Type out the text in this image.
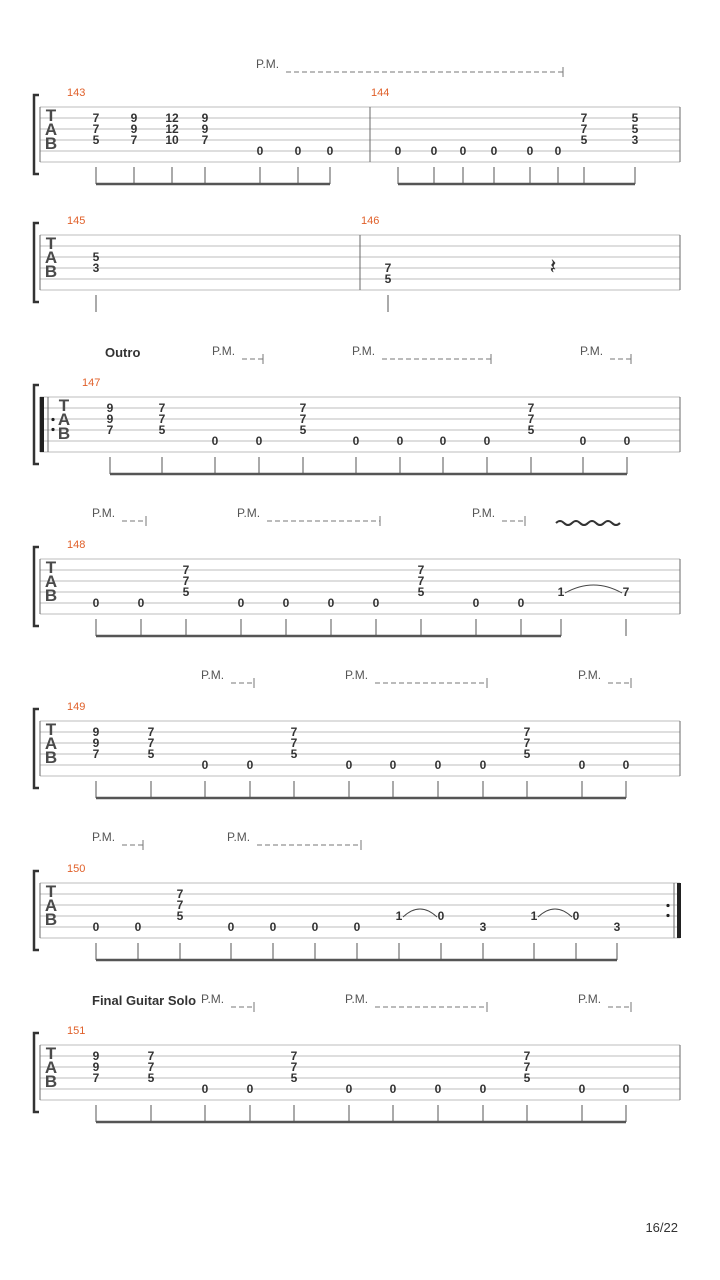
T
A
B
143	144
P.M.
7
7
5
9
9
7
12
12
10
9
9
7
0	0 0	0 0 0 0 0 0
7
7
5
5
5
3
T
A
B
145	146
5
3	7
5
T
A
B
147
Outro	P.M.	P.M.	P.M.
9
9
7
7
7
5
0	0
7
7
5
0	0	0	0
7
7
5
0	0
T
A
B
148
P.M.	P.M.	P.M.
0	0
7
7
5
0	0	0	0
7
7
5
0	0
1	7
T
A
B
149
P.M.	P.M.	P.M.
9
9
7
7
7
5
0	0
7
7
5
0	0	0	0
7
7
5
0	0
T
A
B
150
P.M.	P.M.
0	0
7
7
5
0	0	0	0
1	0
3
1	0
3
T
A
B
151
Final Guitar Solo P.M.	P.M.	P.M.
9
9
7
7
7
5
0	0
7
7
5
0	0	0	0
7
7
5
0	0
𝄽
16/22
